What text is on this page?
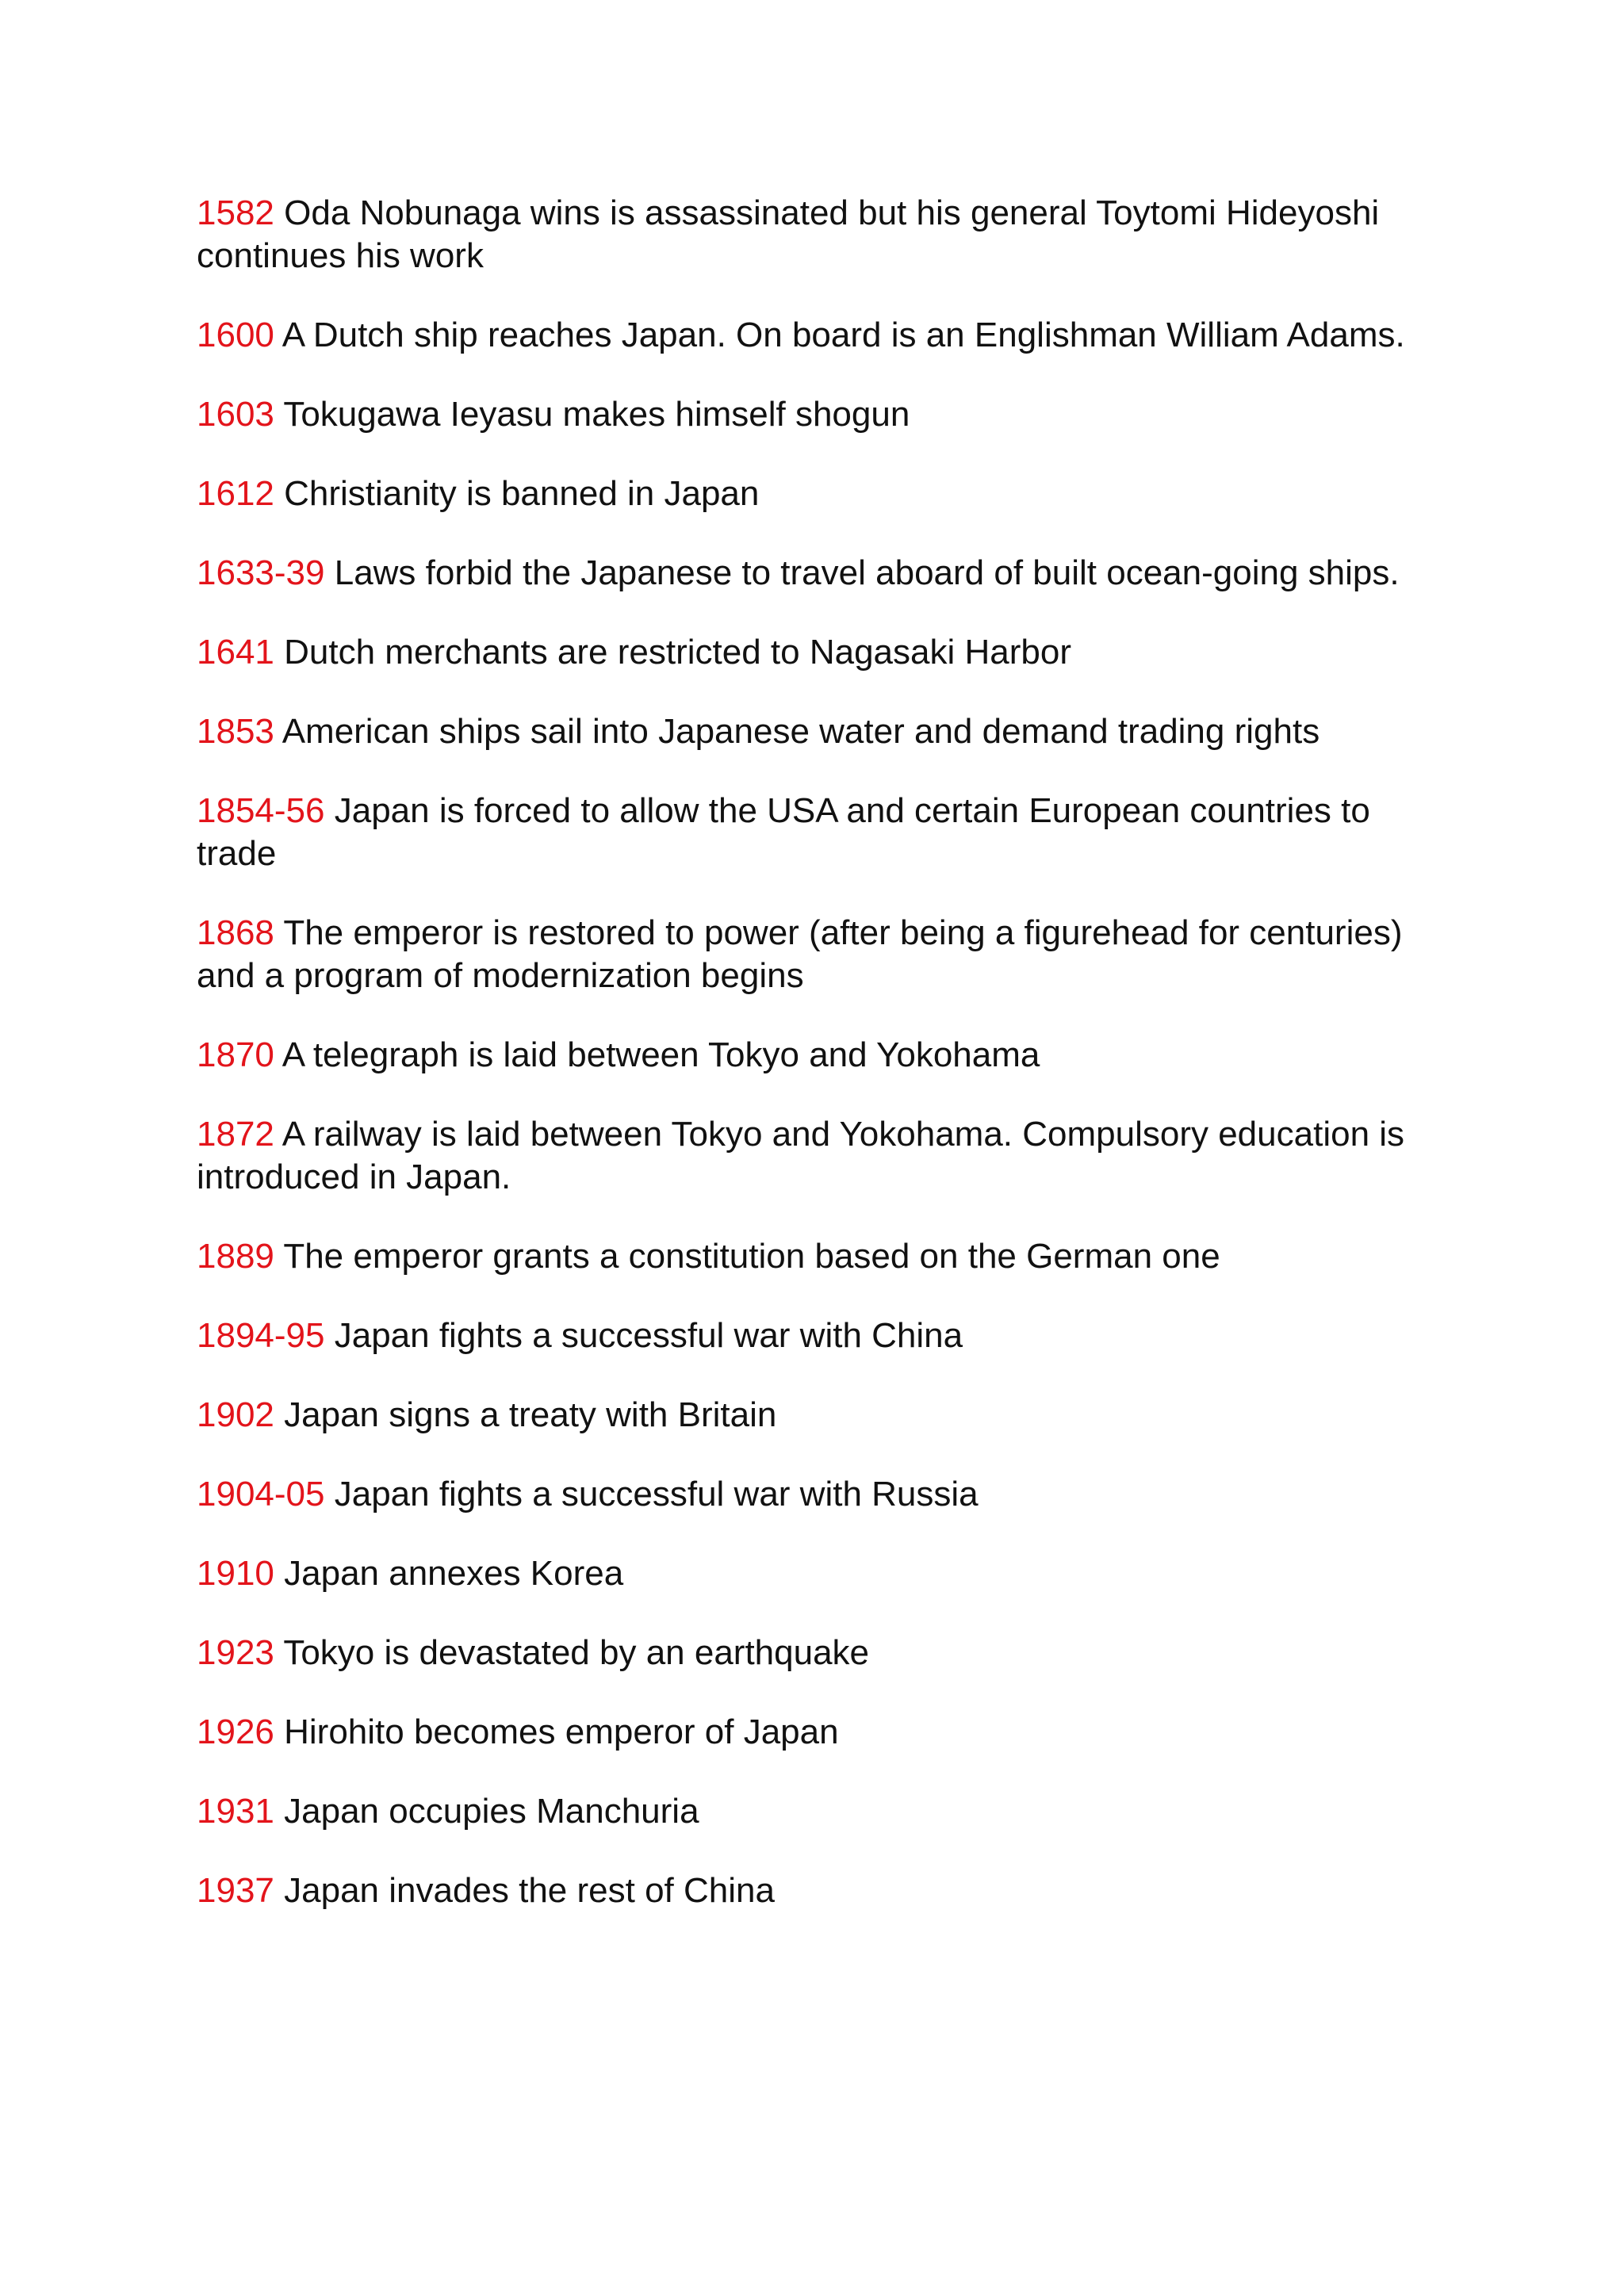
1582 Oda Nobunaga wins is assassinated but his general Toytomi Hideyoshi continues his work
1600 A Dutch ship reaches Japan. On board is an Englishman William Adams.
1603 Tokugawa Ieyasu makes himself shogun
1612 Christianity is banned in Japan
1633-39 Laws forbid the Japanese to travel aboard of built ocean-going ships.
1641 Dutch merchants are restricted to Nagasaki Harbor
1853 American ships sail into Japanese water and demand trading rights
1854-56 Japan is forced to allow the USA and certain European countries to trade
1868 The emperor is restored to power (after being a figurehead for centuries) and a program of modernization begins
1870 A telegraph is laid between Tokyo and Yokohama
1872 A railway is laid between Tokyo and Yokohama. Compulsory education is introduced in Japan.
1889 The emperor grants a constitution based on the German one
1894-95 Japan fights a successful war with China
1902 Japan signs a treaty with Britain
1904-05 Japan fights a successful war with Russia
1910 Japan annexes Korea
1923 Tokyo is devastated by an earthquake
1926 Hirohito becomes emperor of Japan
1931 Japan occupies Manchuria
1937 Japan invades the rest of China
